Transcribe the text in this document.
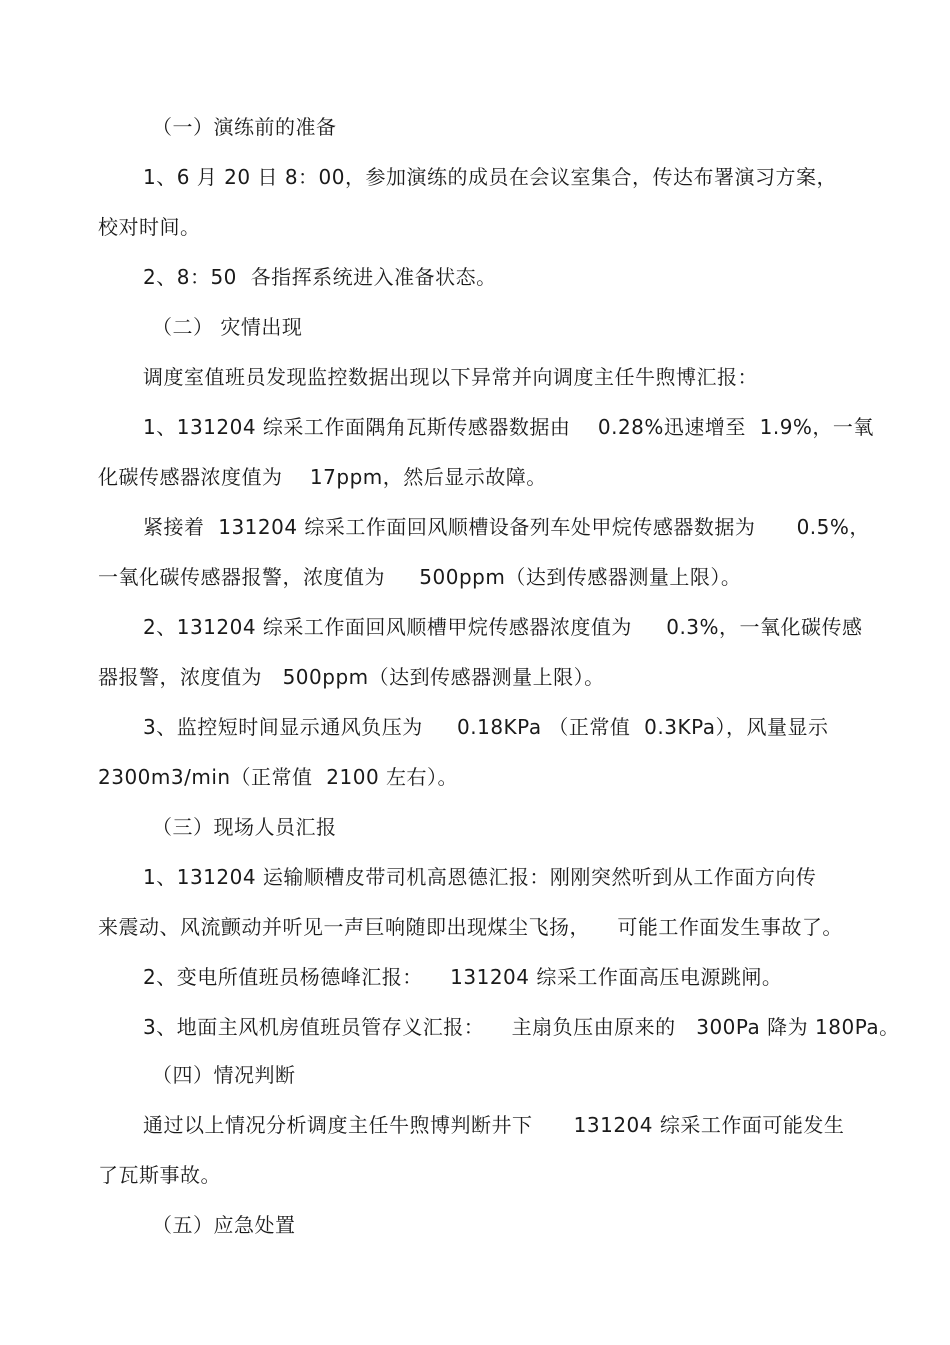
（一）演练前的准备
1、6 月 20 日 8：00，参加演练的成员在会议室集合，传达布署演习方案，
校对时间。
2、8：50  各指挥系统进入准备状态。
（二） 灾情出现
调度室值班员发现监控数据出现以下异常并向调度主任牛煦博汇报：
1、131204 综采工作面隅角瓦斯传感器数据由    0.28%迅速增至  1.9%，一氧
化碳传感器浓度值为    17ppm，然后显示故障。
紧接着  131204 综采工作面回风顺槽设备列车处甲烷传感器数据为      0.5%，
一氧化碳传感器报警，浓度值为     500ppm（达到传感器测量上限）。
2、131204 综采工作面回风顺槽甲烷传感器浓度值为     0.3%，一氧化碳传感
器报警，浓度值为   500ppm（达到传感器测量上限）。
3、监控短时间显示通风负压为     0.18KPa （正常值  0.3KPa），风量显示
2300m3/min（正常值  2100 左右）。
（三）现场人员汇报
1、131204 运输顺槽皮带司机高恩德汇报：刚刚突然听到从工作面方向传
来震动、风流颤动并听见一声巨响随即出现煤尘飞扬，    可能工作面发生事故了。
2、变电所值班员杨德峰汇报：    131204 综采工作面高压电源跳闸。
3、地面主风机房值班员管存义汇报：    主扇负压由原来的   300Pa 降为 180Pa。
（四）情况判断
通过以上情况分析调度主任牛煦博判断井下      131204 综采工作面可能发生
了瓦斯事故。
（五）应急处置
